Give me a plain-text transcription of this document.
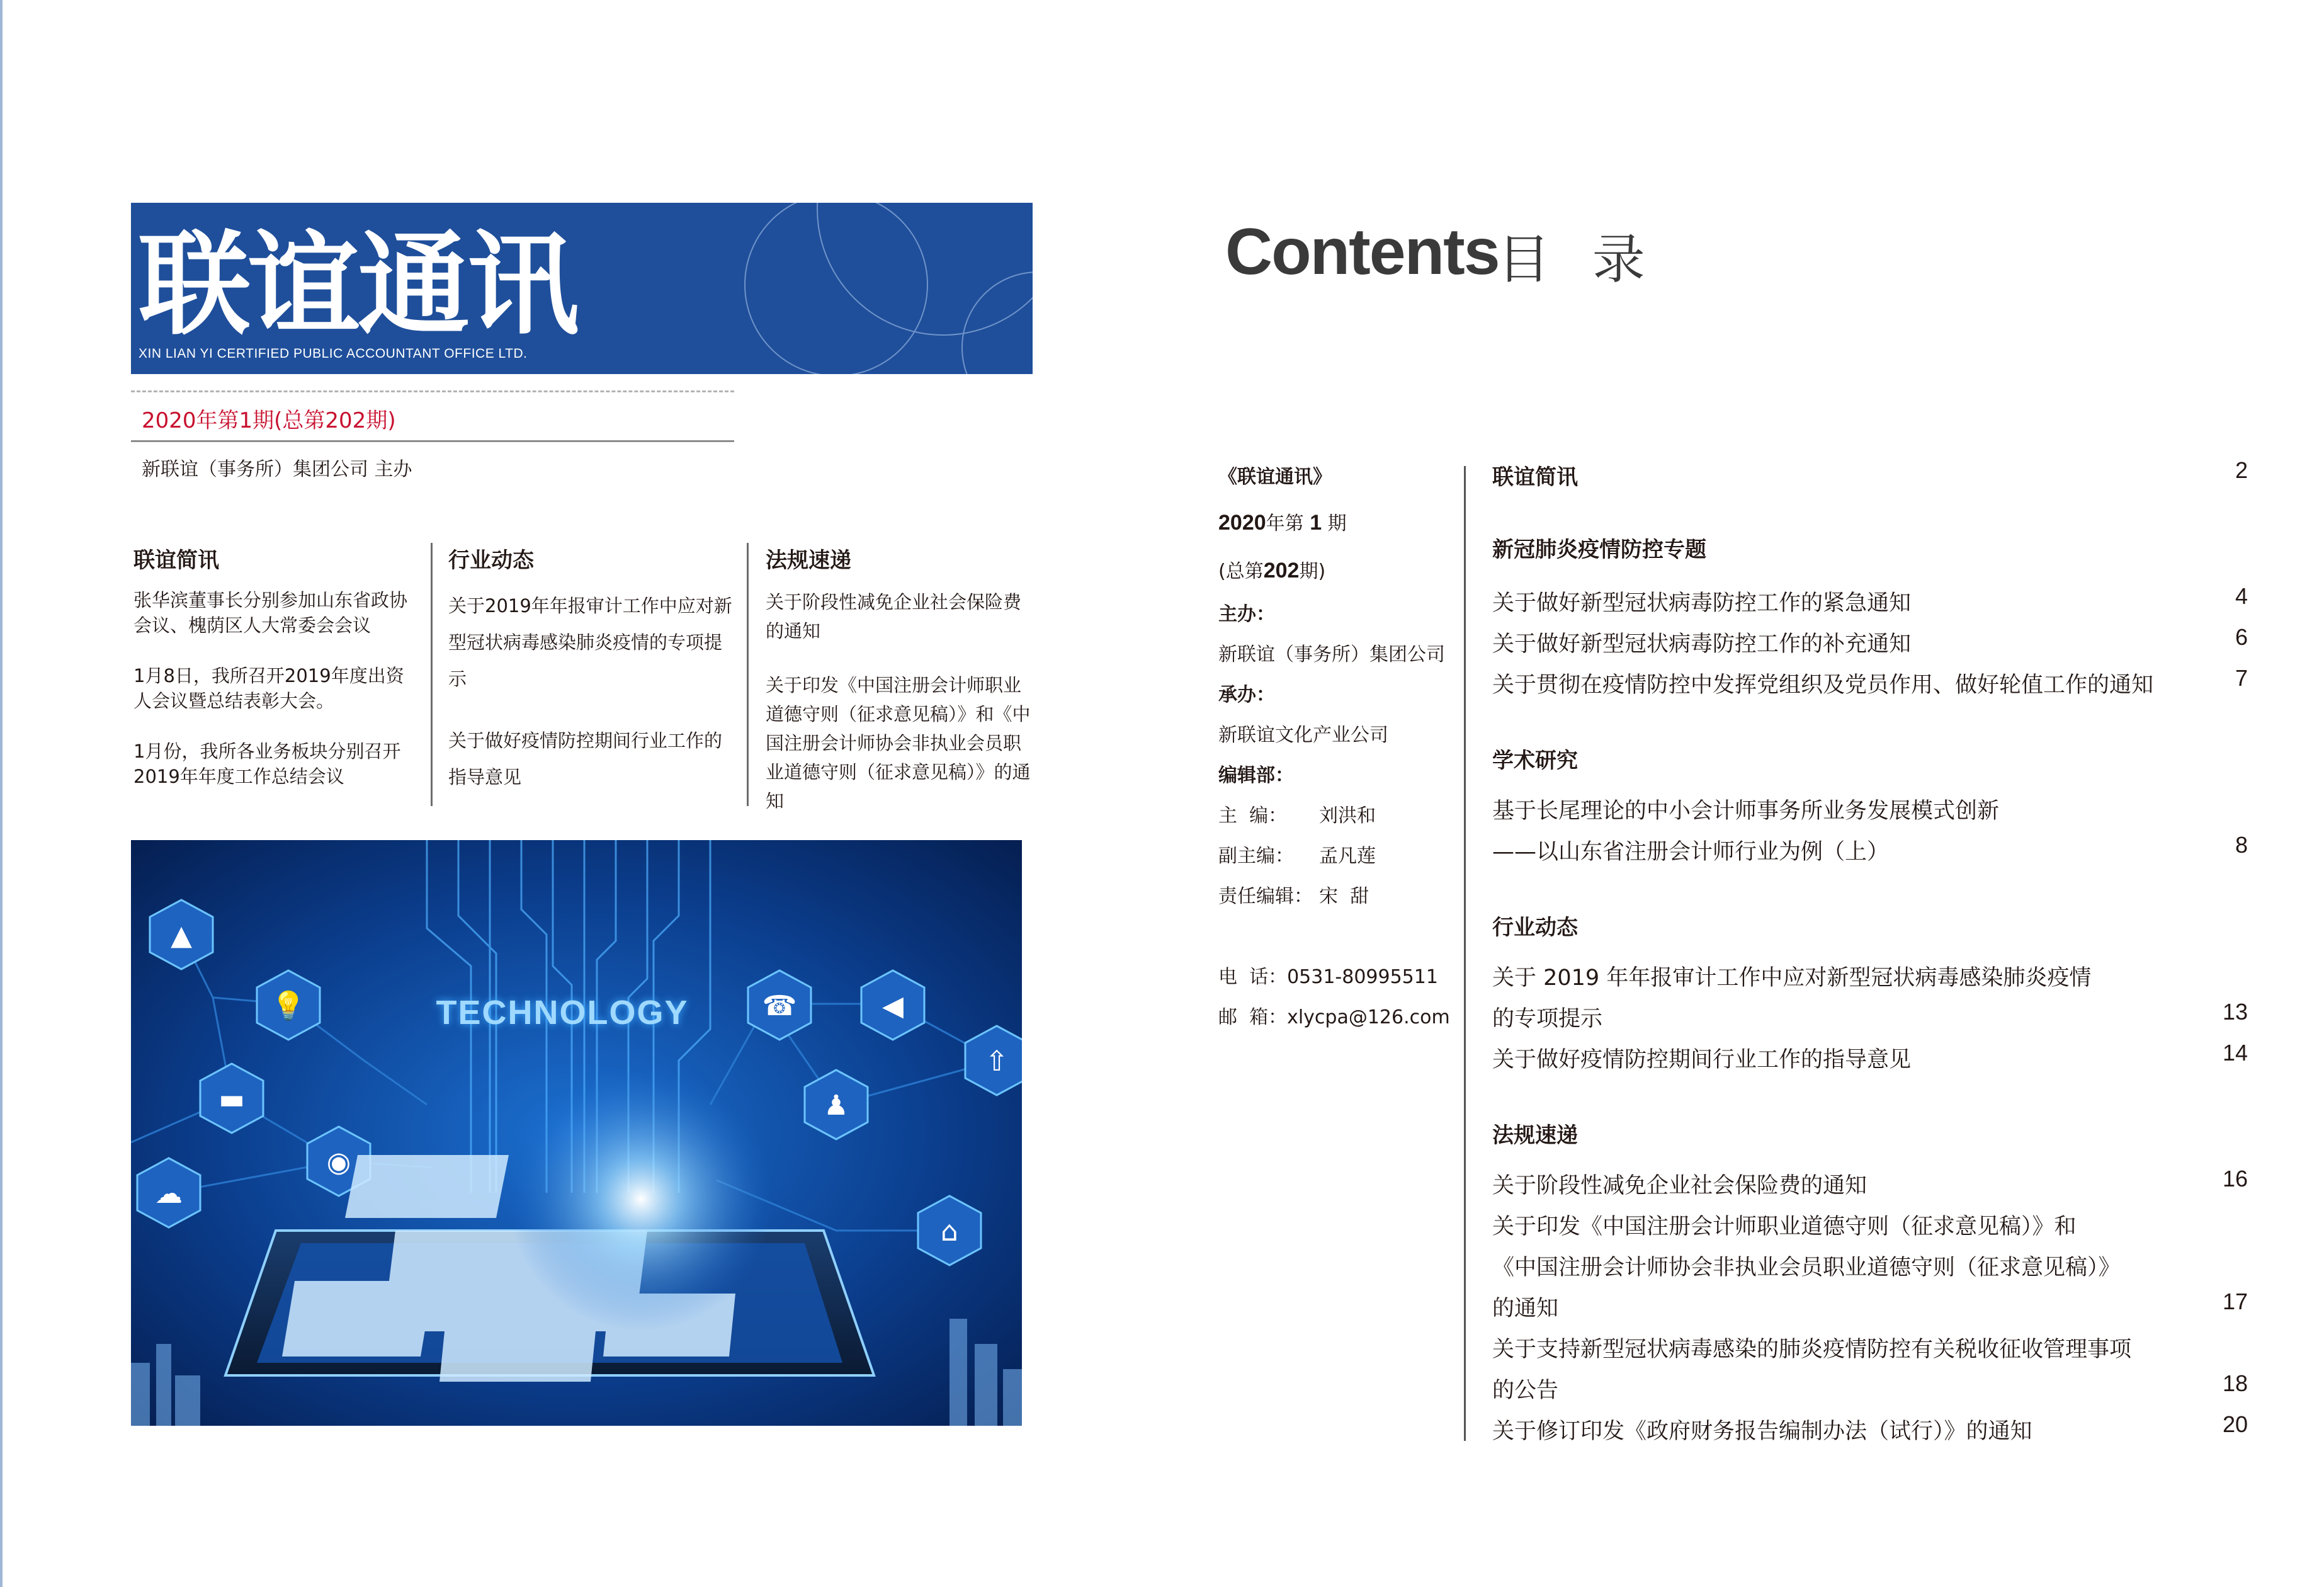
联谊通讯
XIN LIAN YI CERTIFIED PUBLIC ACCOUNTANT OFFICE LTD.
2020年第1期(总第202期)
新联谊（事务所）集团公司 主办
联谊简讯
张华滨董事长分别参加山东省政协会议、槐荫区人大常委会会议
1月8日，我所召开2019年度出资人会议暨总结表彰大会。
1月份，我所各业务板块分别召开2019年年度工作总结会议
行业动态
关于2019年年报审计工作中应对新型冠状病毒感染肺炎疫情的专项提示
关于做好疫情防控期间行业工作的指导意见
法规速递
关于阶段性减免企业社会保险费的通知
关于印发《中国注册会计师职业道德守则（征求意见稿）》和《中国注册会计师协会非执业会员职业道德守则（征求意见稿）》的通知
▲
💡
▬
◉
☁
☎	◀
♟
⇧
⌂
TECHNOLOGY
Contents
目 录
《联谊通讯》
2020年第 1 期
(总第202期)
主办：
新联谊（事务所）集团公司
承办：
新联谊文化产业公司
编辑部：
主  编： 刘洪和
副主编： 孟凡莲
责任编辑： 宋  甜
电  话：0531-80995511
邮  箱：xlycpa@126.com
联谊简讯	2
新冠肺炎疫情防控专题
关于做好新型冠状病毒防控工作的紧急通知	4
关于做好新型冠状病毒防控工作的补充通知	6
关于贯彻在疫情防控中发挥党组织及党员作用、做好轮值工作的通知	7
学术研究
基于长尾理论的中小会计师事务所业务发展模式创新
——以山东省注册会计师行业为例（上）	8
行业动态
关于 2019 年年报审计工作中应对新型冠状病毒感染肺炎疫情
的专项提示	13
关于做好疫情防控期间行业工作的指导意见	14
法规速递
关于阶段性减免企业社会保险费的通知	16
关于印发《中国注册会计师职业道德守则（征求意见稿）》和
《中国注册会计师协会非执业会员职业道德守则（征求意见稿）》
的通知	17
关于支持新型冠状病毒感染的肺炎疫情防控有关税收征收管理事项
的公告	18
关于修订印发《政府财务报告编制办法（试行）》的通知	20
